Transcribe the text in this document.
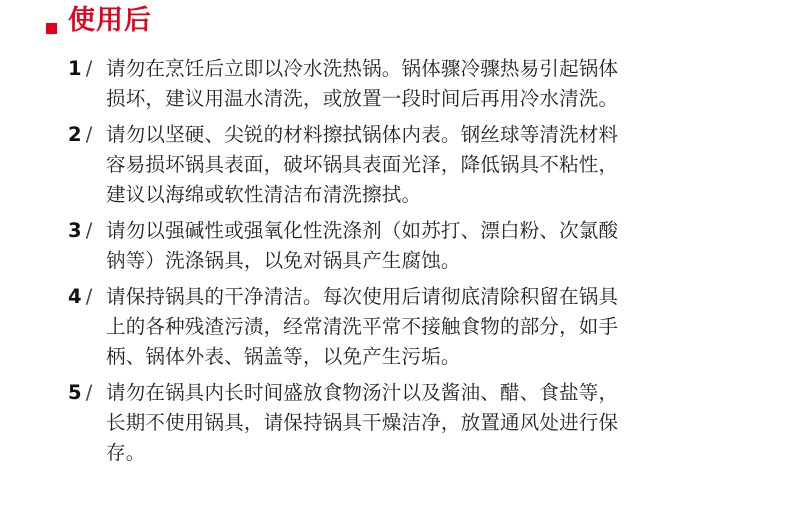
使用后
1 / 请勿在烹饪后立即以冷水洗热锅。锅体骤冷骤热易引起锅体
损坏，建议用温水清洗，或放置一段时间后再用冷水清洗。
2 / 请勿以坚硬、尖锐的材料擦拭锅体内表。钢丝球等清洗材料
容易损坏锅具表面，破坏锅具表面光泽，降低锅具不粘性，
建议以海绵或软性清洁布清洗擦拭。
3 / 请勿以强碱性或强氧化性洗涤剂（如苏打、漂白粉、次氯酸
钠等）洗涤锅具，以免对锅具产生腐蚀。
4 / 请保持锅具的干净清洁。每次使用后请彻底清除积留在锅具
上的各种残渣污渍，经常清洗平常不接触食物的部分，如手
柄、锅体外表、锅盖等，以免产生污垢。
5 / 请勿在锅具内长时间盛放食物汤汁以及酱油、醋、食盐等，
长期不使用锅具，请保持锅具干燥洁净，放置通风处进行保
存。
